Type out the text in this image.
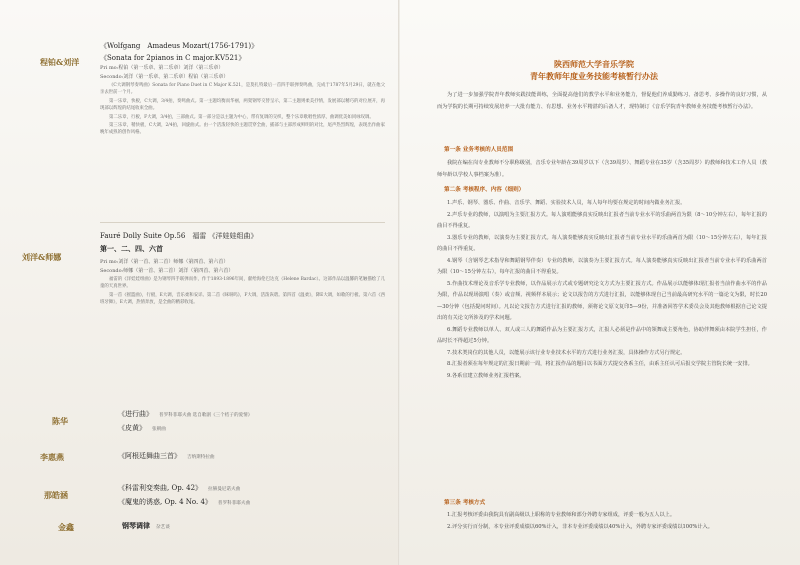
程铂&刘洋
《Wolfgang　Amadeus Mozart(1756-1791)》
《Sonata for 2pianos in C major.KV521》
Pri mo:程铂（第一乐章、第二乐章）刘洋（第三乐章）
Secondo:刘洋（第一乐章、第二乐章）程铂（第三乐章）

《C大调钢琴奏鸣曲》Sonata for Piano Duet in C Major K.521，是莫扎特最后一首四手联弹奏鸣曲，完成于1787年5月29日，就在他父亲去世前一个月。

第一乐章，快板，C大调，3/4拍，奏鸣曲式。第一主题均衡而华丽，两架钢琴交替呈示，第二主题则柔美抒情，发展部以精巧的对位展开，再现部以辉煌的结尾收束全曲。

第二乐章，行板，F大调，3/4拍，三部曲式。第一部分是以主题为中心，带有复调的交织，整个乐章歌唱性浓厚，曲调优美如同咏叹调。

第三乐章，稍快板，C大调，2/4拍，回旋曲式。由一个活泼轻快的主题贯穿全曲，插部与主部形成鲜明的对比，尾声热烈辉煌，表现出作曲家晚年成熟的创作风格。

刘洋&师娜
Fauré Dolly Suite Op.56　福雷 《洋娃娃组曲》
第一、二、四、六首
Pri mo:刘洋（第一首、第二首）师娜（第四首、第六首）
Secondo:师娜（第一首、第二首）刘洋（第四首、第六首）

福雷的《洋娃娃组曲》是为钢琴四手联弹而作，作于1893-1896年间，献给海伦巴达克（Helene Bardac）。这部作品以温馨的笔触描绘了儿童的天真世界。

第一首《摇篮曲》，行板，E大调，音乐柔和安详。第二首《咪呀呜》，F大调，活泼诙谐。第四首《温柔》，降E大调，如歌的行板。第六首《西班牙舞》，E大调，热情奔放，是全曲的精彩收尾。

陈华
《进行曲》 普罗科菲耶夫曲 选自歌剧《三个桔子的爱情》
《皮黄》 张朝曲
李惠燕	《阿根廷舞曲三首》 吉纳斯特拉曲
那皓涵
《科雷利变奏曲, Op. 42》 拉赫曼尼诺夫曲
《魔鬼的诱惑, Op. 4 No. 4》 普罗科菲耶夫曲
金鑫	钢琴调律 杂艺谈
陕西师范大学音乐学院
青年教师年度业务技能考核暂行办法

为了进一步加强学院青年教师实践技能训练，全面提高他们的教学水平和业务能力，督促他们养成勤练习、备思考、多操作的良好习惯，从而为学院的长期可持续发展培养一大批有能力、有思想、业务水平精湛的后备人才，现特制订《音乐学院青年教师业务技能考核暂行办法》。

第一条 业务考核的人员范围

我院在编在岗专业教师不分职称级别，音乐专业年龄在39周岁以下（含39周岁）、舞蹈专业在35岁（含35周岁）的教师和技术工作人员（教师年龄以学校人事档案为准）。

第二条 考核程序、内容（细则）

1.声乐、钢琴、器乐、作曲、音乐学、舞蹈、实验技术人员，每人每年均要在规定的时间内做业务汇报。

2.声乐专业的教师，以演唱为主要汇报方式。每人演唱能够真实反映出汇报者当前专业水平的乐曲两首为限（8～10分钟左右），每年汇报的曲目不得重复。

3.器乐专业的教师，以演奏为主要汇报方式。每人演奏能够真实反映出汇报者当前专业水平的乐曲两首为限（10～15分钟左右），每年汇报的曲目不得重复。

4.钢琴（含钢琴艺术指导和舞蹈钢琴伴奏）专业的教师，以演奏为主要汇报方式。每人演奏能够真实反映出汇报者当前专业水平的乐曲两首为限（10～15分钟左右），每年汇报的曲目不得重复。

5.作曲技术理论及音乐学专业教师，以作品展示方式或专题研究论文方式为主要汇报方式。作品展示以能够体现汇报者当前作曲水平的作品为限，作品以现场演唱（奏）或音频、视频样本展示；论文以报告的方式进行汇报，以能够体现自己当前最高研究水平的一篇论文为限，时长20—30分钟（包括提问时间）。凡以论文报告方式进行汇报的教师，须将论文原文复印5—9份，并准备回答学术委员会及其他教师根据自己论文提出的有关论文所涉及的学术问题。

6.舞蹈专业教师以单人、双人或三人的舞蹈作品为主要汇报方式，汇报人必须是作品中的领舞或主要角色，协助伴舞须由本院学生担任，作品时长不得超过5分钟。

7.技术类岗位的其他人员，以能展示该行业专业技术水平的方式进行业务汇报，具体操作方式另行规定。

8.汇报者须在每年规定的汇报日期前一周，将汇报作品的题目以书面方式提交各系主任，由系主任认可后报交学院主管院长统一安排。

9.各系宜建立教师业务汇报档案。

第三条 考核方式

1.汇报考核评委由我院具有副高级以上职称的专业教师和部分外聘专家组成，评委一般为五人以上。

2.评分实行百分制，本专业评委成绩以60%计入，非本专业评委成绩以40%计入，外聘专家评委成绩以100%计入。
